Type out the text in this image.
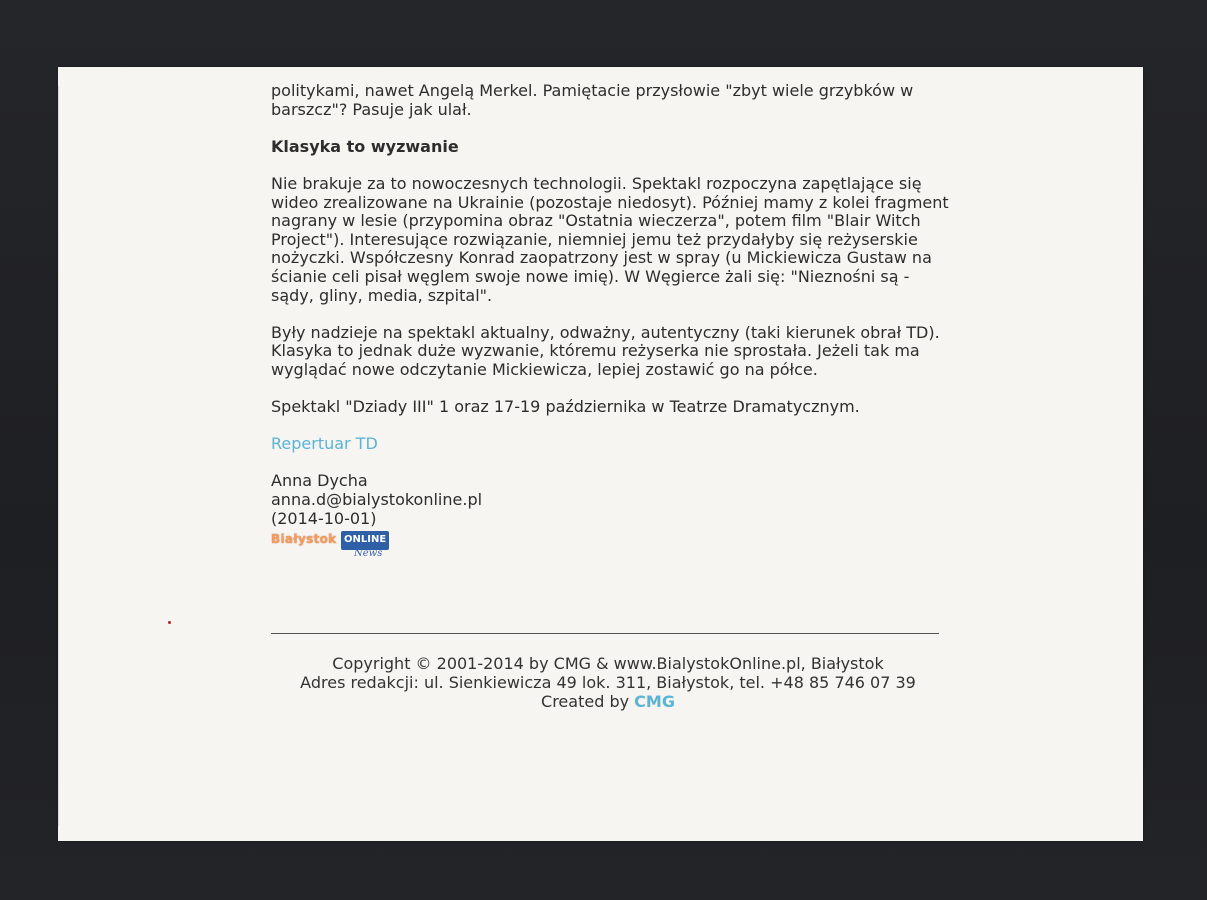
politykami, nawet Angelą Merkel. Pamiętacie przysłowie "zbyt wiele grzybków w barszcz"? Pasuje jak ulał.

Klasyka to wyzwanie

Nie brakuje za to nowoczesnych technologii. Spektakl rozpoczyna zapętlające się wideo zrealizowane na Ukrainie (pozostaje niedosyt). Później mamy z kolei fragment nagrany w lesie (przypomina obraz "Ostatnia wieczerza", potem film "Blair Witch Project"). Interesujące rozwiązanie, niemniej jemu też przydałyby się reżyserskie nożyczki. Współczesny Konrad zaopatrzony jest w spray (u Mickiewicza Gustaw na ścianie celi pisał węglem swoje nowe imię). W Węgierce żali się: "Nieznośni są - sądy, gliny, media, szpital".

Były nadzieje na spektakl aktualny, odważny, autentyczny (taki kierunek obrał TD). Klasyka to jednak duże wyzwanie, któremu reżyserka nie sprostała. Jeżeli tak ma wyglądać nowe odczytanie Mickiewicza, lepiej zostawić go na półce.

Spektakl "Dziady III" 1 oraz 17-19 października w Teatrze Dramatycznym.

Repertuar TD

Anna Dycha
anna.d@bialystokonline.pl
(2014-10-01)
Białystok ONLINE
News
Copyright © 2001-2014 by CMG & www.BialystokOnline.pl, Białystok
Adres redakcji: ul. Sienkiewicza 49 lok. 311, Białystok, tel. +48 85 746 07 39
Created by CMG
